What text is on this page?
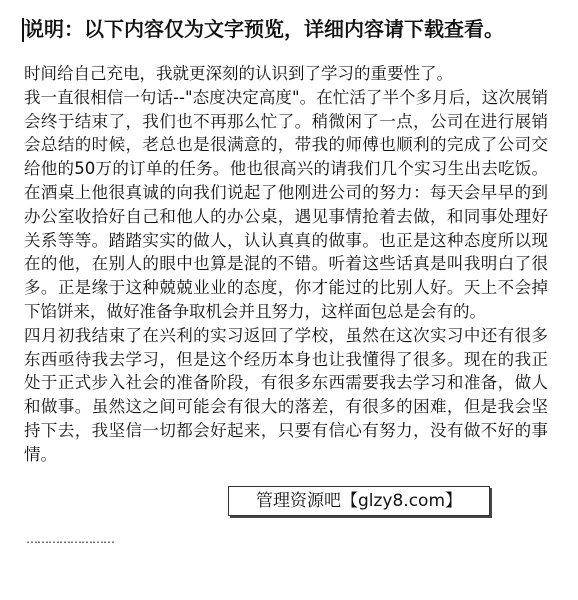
说明：以下内容仅为文字预览，详细内容请下载查看。

时间给自己充电，我就更深刻的认识到了学习的重要性了。

我一直很相信一句话--"态度决定高度"。在忙活了半个多月后，这次展销会终于结束了，我们也不再那么忙了。稍微闲了一点，公司在进行展销会总结的时候，老总也是很满意的，带我的师傅也顺利的完成了公司交给他的50万的订单的任务。他也很高兴的请我们几个实习生出去吃饭。在酒桌上他很真诚的向我们说起了他刚进公司的努力：每天会早早的到办公室收拾好自己和他人的办公桌，遇见事情抢着去做，和同事处理好关系等等。踏踏实实的做人，认认真真的做事。也正是这种态度所以现在的他，在别人的眼中也算是混的不错。听着这些话真是叫我明白了很多。正是缘于这种兢兢业业的态度，你才能过的比别人好。天上不会掉下馅饼来，做好准备争取机会并且努力，这样面包总是会有的。

四月初我结束了在兴利的实习返回了学校，虽然在这次实习中还有很多东西亟待我去学习，但是这个经历本身也让我懂得了很多。现在的我正处于正式步入社会的准备阶段，有很多东西需要我去学习和准备，做人和做事。虽然这之间可能会有很大的落差，有很多的困难，但是我会坚持下去，我坚信一切都会好起来，只要有信心有努力，没有做不好的事情。

……………………
管理资源吧【glzy8.com】
